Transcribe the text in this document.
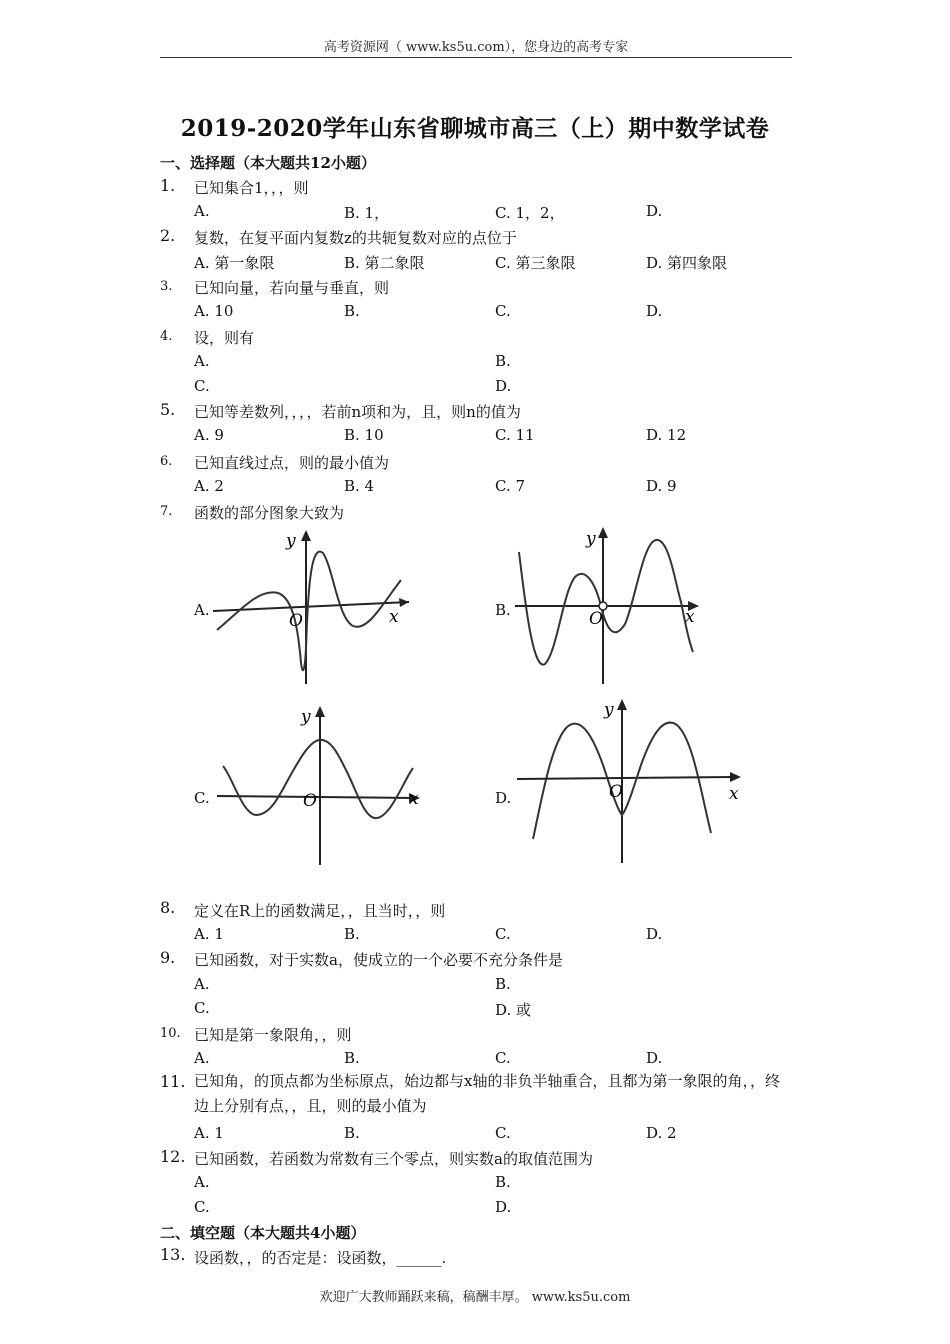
高考资源网（ www.ks5u.com），您身边的高考专家
2019-2020学年山东省聊城市高三（上）期中数学试卷
一、选择题（本大题共12小题）
1. 已知集合1，，，则
A.	B. 1，	C. 1，2，	D.
2. 复数，在复平面内复数z的共轭复数对应的点位于
A. 第一象限	B. 第二象限	C. 第三象限	D. 第四象限
3. 已知向量，若向量与垂直，则
A. 10	B.	C.	D.
4. 设，则有
A.	B.
C.	D.
5. 已知等差数列，，，，若前n项和为，且，则n的值为
A. 9	B. 10	C. 11	D. 12
6. 已知直线过点，则的最小值为
A. 2	B. 4	C. 7	D. 9
7. 函数的部分图象大致为
A.
y
x
O
B.
y
x
O
C.
y
x
O	D.
y
x
O
8. 定义在R上的函数满足，，且当时，，则
A. 1	B.	C.	D.
9. 已知函数，对于实数a，使成立的一个必要不充分条件是
A.	B.
C.	D. 或
10. 已知是第一象限角，，则
A.	B.	C.	D.
11. 已知角，的顶点都为坐标原点，始边都与x轴的非负半轴重合，且都为第一象限的角，，终边上分别有点，，且，则的最小值为
A. 1	B.	C.	D. 2
12. 已知函数，若函数为常数有三个零点，则实数a的取值范围为
A.	B.
C.	D.
二、填空题（本大题共4小题）
13. 设函数，，的否定是：设函数，______.
欢迎广大教师踊跃来稿，稿酬丰厚。 www.ks5u.com
